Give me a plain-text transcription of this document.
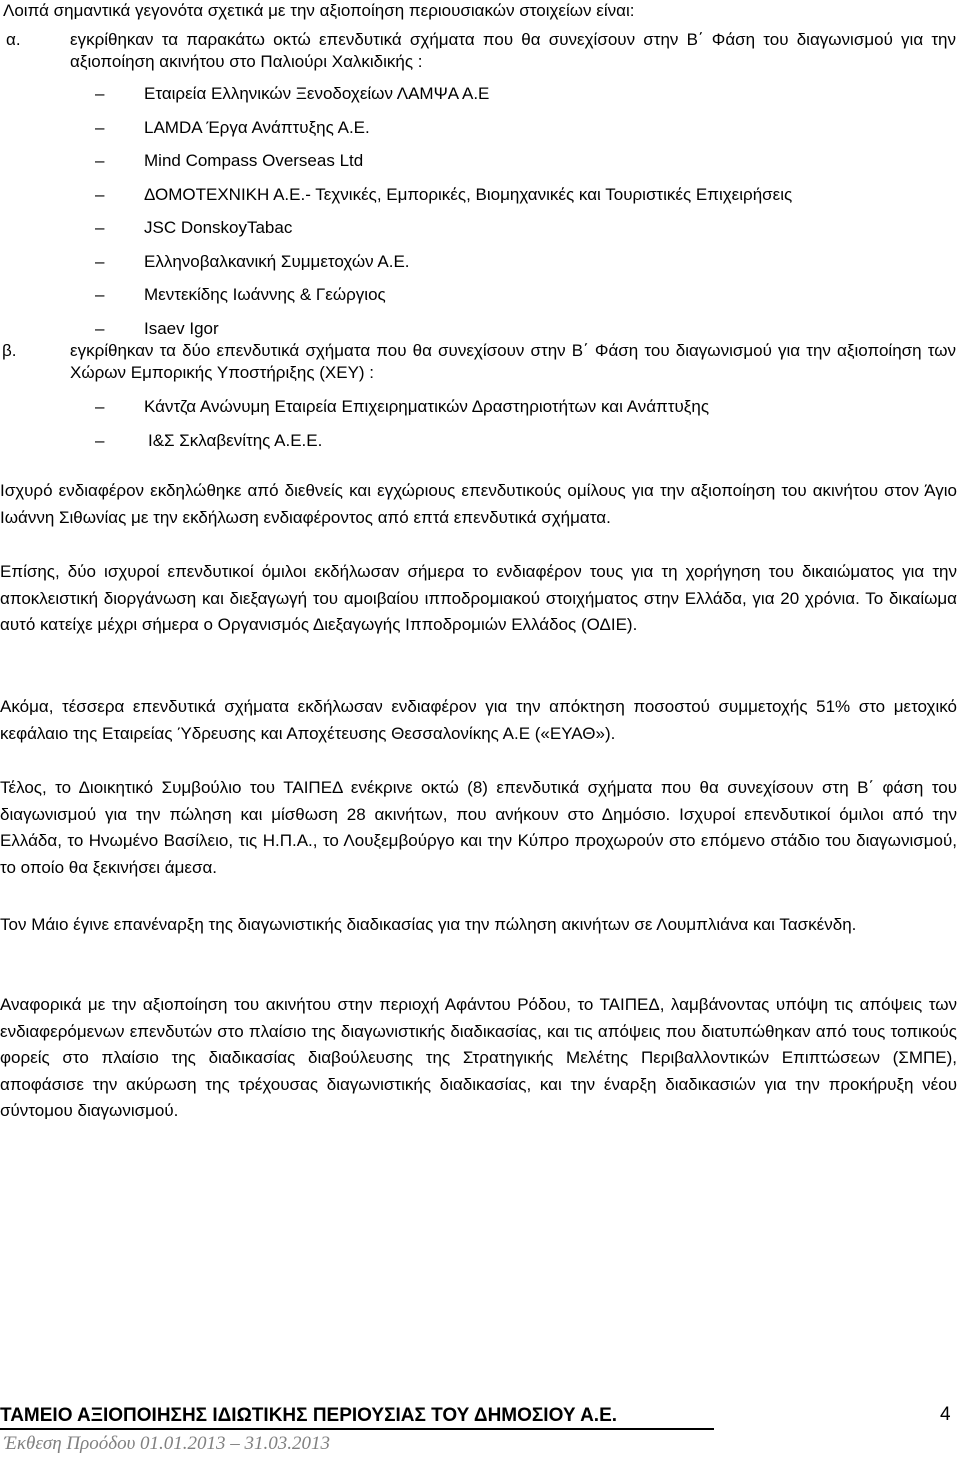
Λοιπά σημαντικά γεγονότα σχετικά με την αξιοποίηση περιουσιακών στοιχείων είναι:
α.	εγκρίθηκαν τα παρακάτω οκτώ επενδυτικά σχήματα που θα συνεχίσουν στην Β΄ Φάση του διαγωνισμού για την αξιοποίηση ακινήτου στο Παλιούρι Χαλκιδικής :
– Εταιρεία Ελληνικών Ξενοδοχείων ΛΑΜΨΑ Α.Ε
– LAMDA Έργα Ανάπτυξης Α.Ε.
– Mind Compass Overseas Ltd
– ΔΟΜΟΤΕΧΝΙΚΗ Α.Ε.- Τεχνικές, Εμπορικές, Βιομηχανικές και Τουριστικές Επιχειρήσεις
– JSC DonskoyTabac
– Ελληνοβαλκανική Συμμετοχών Α.Ε.
– Μεντεκίδης Ιωάννης & Γεώργιος
– Isaev Igor
β.	εγκρίθηκαν τα δύο επενδυτικά σχήματα που θα συνεχίσουν στην Β΄ Φάση του διαγωνισμού για την αξιοποίηση των Χώρων Εμπορικής Υποστήριξης (ΧΕΥ) :
– Κάντζα Ανώνυμη Εταιρεία Επιχειρηματικών Δραστηριοτήτων και Ανάπτυξης
–	Ι&Σ Σκλαβενίτης Α.Ε.Ε.
Ισχυρό ενδιαφέρον εκδηλώθηκε από διεθνείς και εγχώριους επενδυτικούς ομίλους για την αξιοποίηση του ακινήτου στον Άγιο Ιωάννη Σιθωνίας με την εκδήλωση ενδιαφέροντος από επτά επενδυτικά σχήματα.
Επίσης, δύο ισχυροί επενδυτικοί όμιλοι εκδήλωσαν σήμερα το ενδιαφέρον τους για τη χορήγηση του δικαιώματος για την αποκλειστική διοργάνωση και διεξαγωγή του αμοιβαίου ιπποδρομιακού στοιχήματος στην Ελλάδα, για 20 χρόνια. Το δικαίωμα αυτό κατείχε μέχρι σήμερα ο Οργανισμός Διεξαγωγής Ιπποδρομιών Ελλάδος (ΟΔΙΕ).
Ακόμα, τέσσερα επενδυτικά σχήματα εκδήλωσαν ενδιαφέρον για την απόκτηση ποσοστού συμμετοχής 51% στο μετοχικό κεφάλαιο της Εταιρείας Ύδρευσης και Αποχέτευσης Θεσσαλονίκης Α.Ε («ΕΥΑΘ»).
Τέλος, το Διοικητικό Συμβούλιο του ΤΑΙΠΕΔ ενέκρινε οκτώ (8) επενδυτικά σχήματα που θα συνεχίσουν στη Β΄ φάση του διαγωνισμού για την πώληση και μίσθωση 28 ακινήτων, που ανήκουν στο Δημόσιο. Ισχυροί επενδυτικοί όμιλοι από την Ελλάδα, το Ηνωμένο Βασίλειο, τις Η.Π.Α., το Λουξεμβούργο και την Κύπρο προχωρούν στο επόμενο στάδιο του διαγωνισμού, το οποίο θα ξεκινήσει άμεσα.
Τον Μάιο έγινε επανέναρξη της διαγωνιστικής διαδικασίας για την πώληση ακινήτων σε Λουμπλιάνα και Τασκένδη.
Αναφορικά με την αξιοποίηση του ακινήτου στην περιοχή Αφάντου Ρόδου, το ΤΑΙΠΕΔ, λαμβάνοντας υπόψη τις απόψεις των ενδιαφερόμενων επενδυτών στο πλαίσιο της διαγωνιστικής διαδικασίας, και τις απόψεις που διατυπώθηκαν από τους τοπικούς φορείς στο πλαίσιο της διαδικασίας διαβούλευσης της Στρατηγικής Μελέτης Περιβαλλοντικών Επιπτώσεων (ΣΜΠΕ), αποφάσισε την ακύρωση της τρέχουσας διαγωνιστικής διαδικασίας, και την έναρξη διαδικασιών για την προκήρυξη νέου σύντομου διαγωνισμού.
ΤΑΜΕΙΟ ΑΞΙΟΠΟΙΗΣΗΣ ΙΔΙΩΤΙΚΗΣ ΠΕΡΙΟΥΣΙΑΣ ΤΟΥ ΔΗΜΟΣΙΟΥ Α.Ε.	4
Έκθεση Προόδου 01.01.2013 – 31.03.2013
